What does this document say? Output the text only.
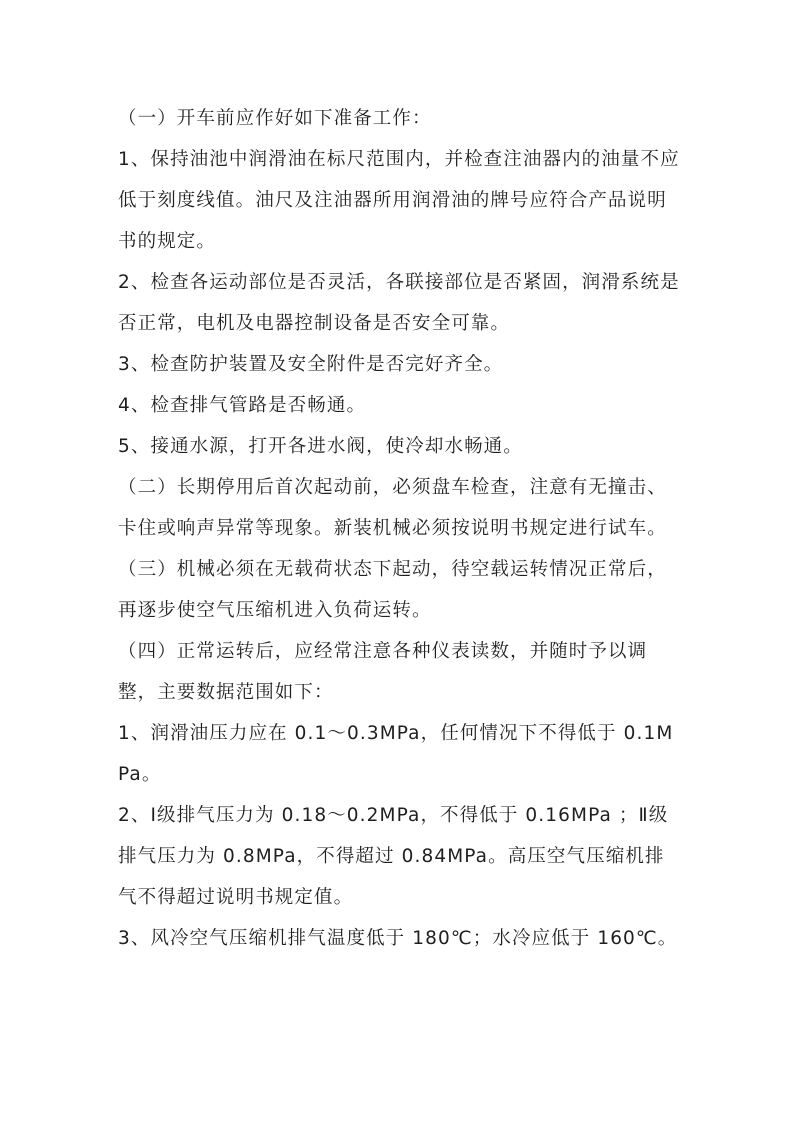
（一）开车前应作好如下准备工作：

1、保持油池中润滑油在标尺范围内，并检查注油器内的油量不应低于刻度线值。油尺及注油器所用润滑油的牌号应符合产品说明书的规定。

2、检查各运动部位是否灵活，各联接部位是否紧固，润滑系统是否正常，电机及电器控制设备是否安全可靠。

3、检查防护装置及安全附件是否完好齐全。

4、检查排气管路是否畅通。

5、接通水源，打开各进水阀，使冷却水畅通。

（二）长期停用后首次起动前，必须盘车检查，注意有无撞击、卡住或响声异常等现象。新装机械必须按说明书规定进行试车。

（三）机械必须在无载荷状态下起动，待空载运转情况正常后，再逐步使空气压缩机进入负荷运转。

（四）正常运转后，应经常注意各种仪表读数，并随时予以调整，主要数据范围如下：

1、润滑油压力应在 0.1～0.3MPa，任何情况下不得低于 0.1MPa。

2、Ⅰ级排气压力为 0.18～0.2MPa，不得低于 0.16MPa ；Ⅱ级排气压力为 0.8MPa，不得超过 0.84MPa。高压空气压缩机排气不得超过说明书规定值。

3、风冷空气压缩机排气温度低于 180℃；水冷应低于 160℃。
